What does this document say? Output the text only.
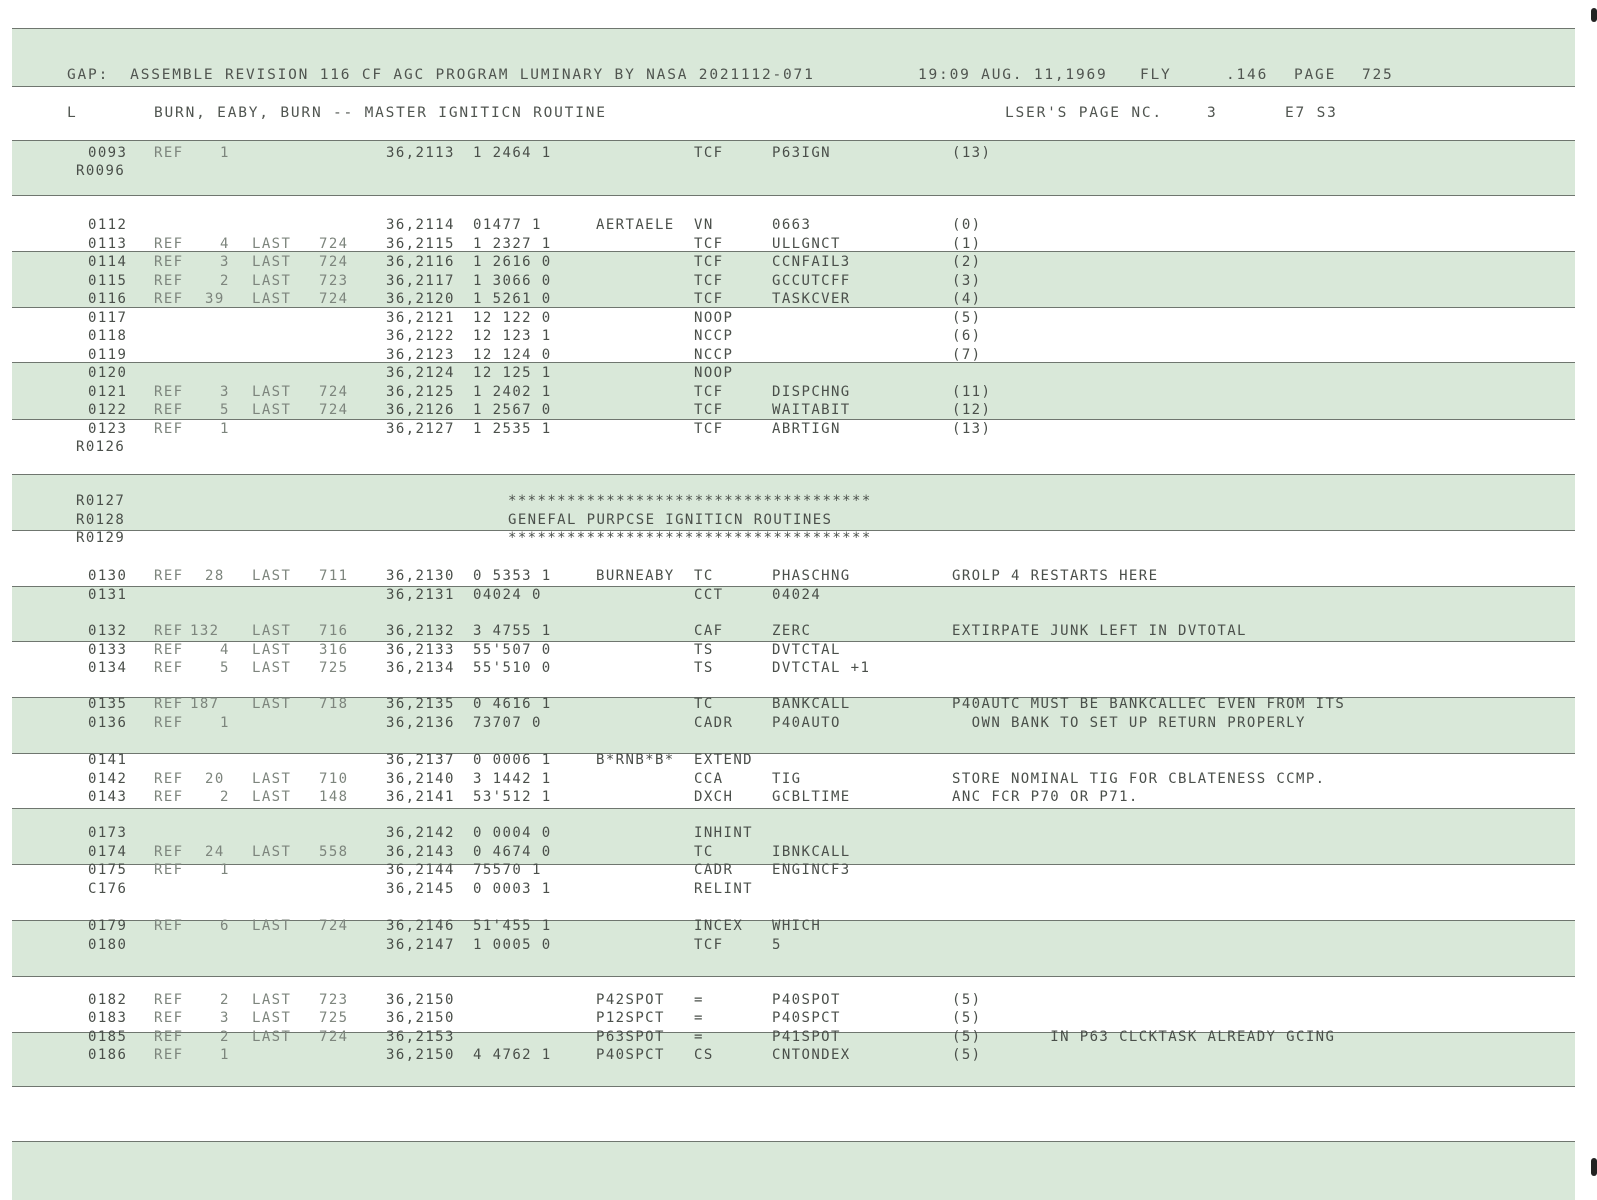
GAP:  ASSEMBLE REVISION 116 CF AGC PROGRAM LUMINARY BY NASA 2021112-071

	19:09 AUG. 11,1969

FLY

	.146

PAGE

725

L

	BURN, EABY, BURN -- MASTER IGNITICN ROUTINE

	LSER'S PAGE NC.

	3

	E7 S3

0093 REF	1	36,2113 1 2464 1	TCF	P63IGN	(13)
R0096
0112	36,2114 01477 1	AERTAELE VN	0663	(0)
0113 REF	4 LAST 724	36,2115 1 2327 1	TCF	ULLGNCT	(1)
0114 REF	3 LAST 724	36,2116 1 2616 0	TCF	CCNFAIL3	(2)
0115 REF	2 LAST 723	36,2117 1 3066 0	TCF	GCCUTCFF	(3)
0116 REF 39 LAST 724	36,2120 1 5261 0	TCF	TASKCVER	(4)
0117	36,2121 12 122 0	NOOP	(5)
0118	36,2122 12 123 1	NCCP	(6)
0119	36,2123 12 124 0	NCCP	(7)
0120	36,2124 12 125 1	NOOP
0121 REF	3 LAST 724	36,2125 1 2402 1	TCF	DISPCHNG	(11)
0122 REF	5 LAST 724	36,2126 1 2567 0	TCF	WAITABIT	(12)
0123 REF	1	36,2127 1 2535 1	TCF	ABRTIGN	(13)
R0126
R0127	*************************************
R0128	GENEFAL PURPCSE IGNITICN ROUTINES
R0129	*************************************
0130 REF 28 LAST 711	36,2130 0 5353 1	BURNEABY TC	PHASCHNG	GROLP 4 RESTARTS HERE
0131	36,2131 04024 0	CCT	04024
0132 REF 132 LAST 716	36,2132 3 4755 1	CAF	ZERC	EXTIRPATE JUNK LEFT IN DVTOTAL
0133 REF	4 LAST 316	36,2133 55'507 0	TS	DVTCTAL
0134 REF	5 LAST 725	36,2134 55'510 0	TS	DVTCTAL +1
0135 REF 187 LAST 718	36,2135 0 4616 1	TC	BANKCALL	P40AUTC MUST BE BANKCALLEC EVEN FROM ITS
0136 REF	1	36,2136 73707 0	CADR	P40AUTO	OWN BANK TO SET UP RETURN PROPERLY
0141	36,2137 0 0006 1	B*RNB*B* EXTEND
0142 REF 20 LAST 710	36,2140 3 1442 1	CCA	TIG	STORE NOMINAL TIG FOR CBLATENESS CCMP.
0143 REF	2 LAST 148	36,2141 53'512 1	DXCH	GCBLTIME	ANC FCR P70 OR P71.
0173	36,2142 0 0004 0	INHINT
0174 REF 24 LAST 558	36,2143 0 4674 0	TC	IBNKCALL
0175 REF	1	36,2144 75570 1	CADR	ENGINCF3
C176	36,2145 0 0003 1	RELINT
0179 REF	6 LAST 724	36,2146 51'455 1	INCEX WHICH
0180	36,2147 1 0005 0	TCF	5
0182 REF	2 LAST 723	36,2150	P42SPOT =	P40SPOT	(5)
0183 REF	3 LAST 725	36,2150	P12SPCT =	P40SPCT	(5)
0185 REF	2 LAST 724	36,2153	P63SPOT =	P41SPOT	(5)       IN P63 CLCKTASK ALREADY GCING
0186 REF	1	36,2150 4 4762 1	P40SPCT CS	CNTONDEX	(5)
